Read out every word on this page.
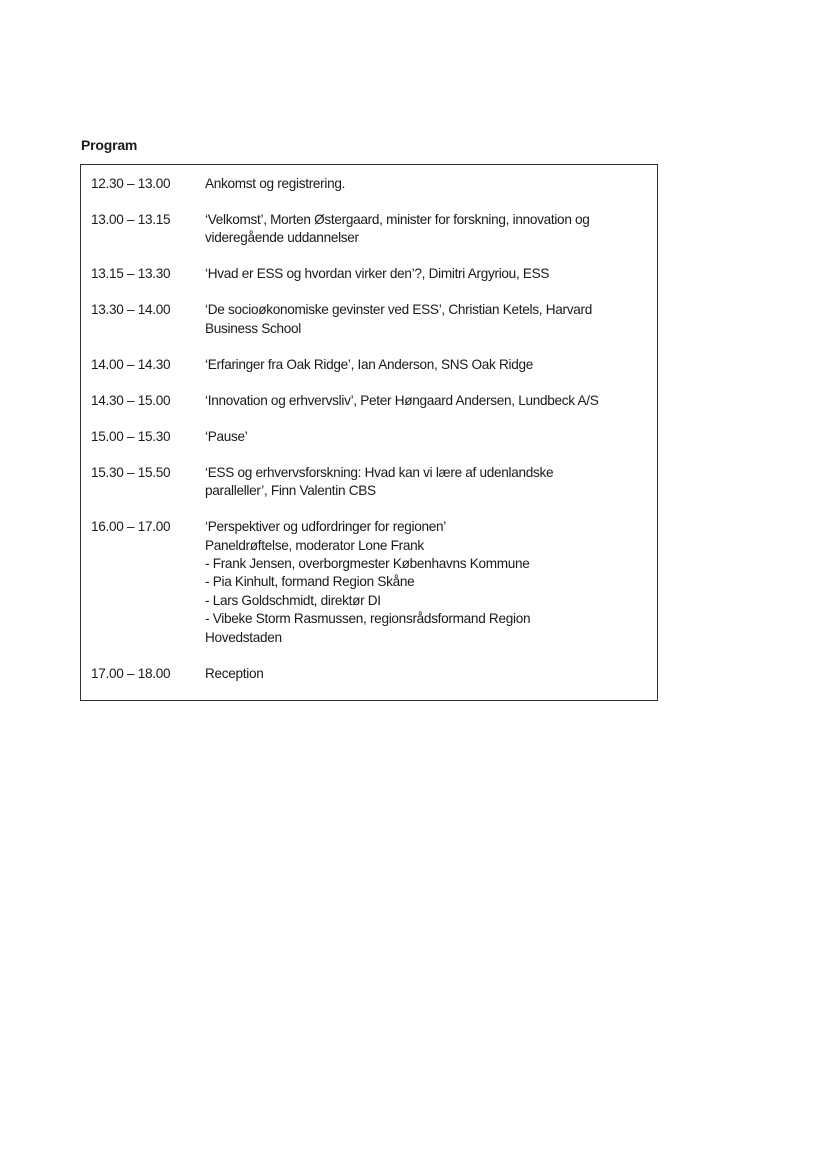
Program
12.30 – 13.00	Ankomst og registrering.
13.00 – 13.15	‘Velkomst’, Morten Østergaard, minister for forskning, innovation og
videregående uddannelser
13.15 – 13.30	‘Hvad er ESS og hvordan virker den’?, Dimitri Argyriou, ESS
13.30 – 14.00	‘De socioøkonomiske gevinster ved ESS’, Christian Ketels, Harvard
Business School
14.00 – 14.30	‘Erfaringer fra Oak Ridge’, Ian Anderson, SNS Oak Ridge
14.30 – 15.00	‘Innovation og erhvervsliv’, Peter Høngaard Andersen, Lundbeck A/S
15.00 – 15.30	‘Pause’
15.30 – 15.50	‘ESS og erhvervsforskning: Hvad kan vi lære af udenlandske
paralleller’, Finn Valentin CBS
16.00 – 17.00	‘Perspektiver og udfordringer for regionen’
Paneldrøftelse, moderator Lone Frank
- Frank Jensen, overborgmester Københavns Kommune
- Pia Kinhult, formand Region Skåne
- Lars Goldschmidt, direktør DI
- Vibeke Storm Rasmussen, regionsrådsformand Region
Hovedstaden
17.00 – 18.00	Reception
